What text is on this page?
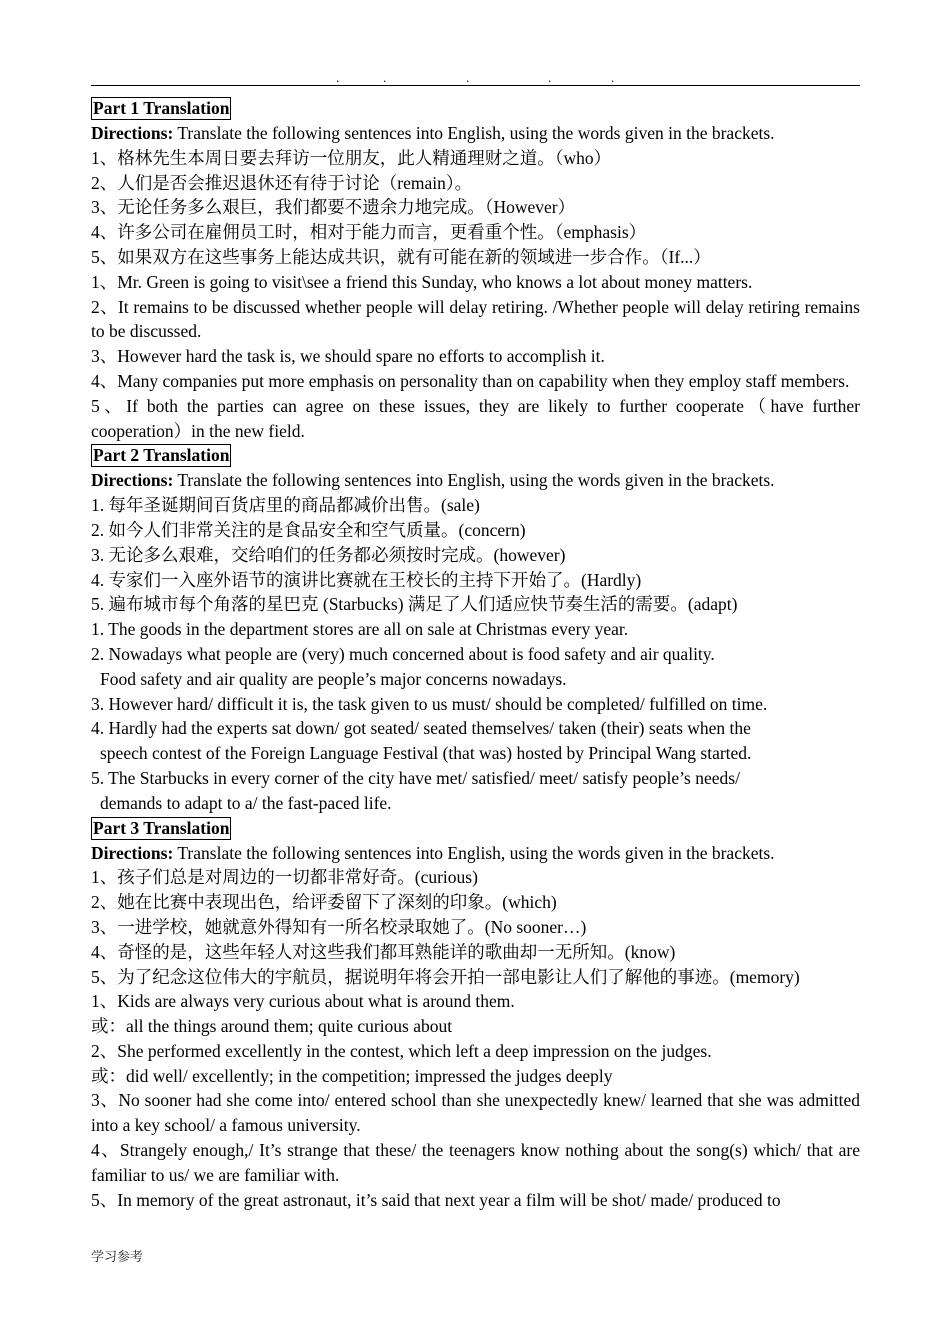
.	.	.	.	.
Part 1 Translation
Directions: Translate the following sentences into English, using the words given in the brackets.
1、格林先生本周日要去拜访一位朋友，此人精通理财之道。（who）
2、人们是否会推迟退休还有待于讨论（remain）。
3、无论任务多么艰巨，我们都要不遗余力地完成。（However）
4、许多公司在雇佣员工时，相对于能力而言，更看重个性。（emphasis）
5、如果双方在这些事务上能达成共识，就有可能在新的领域进一步合作。（If...）
1、Mr. Green is going to visit\see a friend this Sunday, who knows a lot about money matters.
2、It remains to be discussed whether people will delay retiring. /Whether people will delay retiring remains to be discussed.
3、However hard the task is, we should spare no efforts to accomplish it.
4、Many companies put more emphasis on personality than on capability when they employ staff members.
5、If both the parties can agree on these issues, they are likely to further cooperate（have further cooperation）in the new field.
Part 2 Translation
Directions: Translate the following sentences into English, using the words given in the brackets.
1. 每年圣诞期间百货店里的商品都减价出售。(sale)
2. 如今人们非常关注的是食品安全和空气质量。(concern)
3. 无论多么艰难，交给咱们的任务都必须按时完成。(however)
4. 专家们一入座外语节的演讲比赛就在王校长的主持下开始了。(Hardly)
5. 遍布城市每个角落的星巴克 (Starbucks) 满足了人们适应快节奏生活的需要。(adapt)
1. The goods in the department stores are all on sale at Christmas every year.
2. Nowadays what people are (very) much concerned about is food safety and air quality.
Food safety and air quality are people’s major concerns nowadays.
3. However hard/ difficult it is, the task given to us must/ should be completed/ fulfilled on time.
4. Hardly had the experts sat down/ got seated/ seated themselves/ taken (their) seats when the
speech contest of the Foreign Language Festival (that was) hosted by Principal Wang started.
5. The Starbucks in every corner of the city have met/ satisfied/ meet/ satisfy people’s needs/
demands to adapt to a/ the fast-paced life.
Part 3 Translation
Directions: Translate the following sentences into English, using the words given in the brackets.
1、孩子们总是对周边的一切都非常好奇。(curious)
2、她在比赛中表现出色，给评委留下了深刻的印象。(which)
3、一进学校，她就意外得知有一所名校录取她了。(No sooner…)
4、奇怪的是，这些年轻人对这些我们都耳熟能详的歌曲却一无所知。(know)
5、为了纪念这位伟大的宇航员，据说明年将会开拍一部电影让人们了解他的事迹。(memory)
1、Kids are always very curious about what is around them.
或：all the things around them; quite curious about
2、She performed excellently in the contest, which left a deep impression on the judges.
或：did well/ excellently; in the competition; impressed the judges deeply
3、No sooner had she come into/ entered school than she unexpectedly knew/ learned that she was admitted into a key school/ a famous university.
4、Strangely enough,/ It’s strange that these/ the teenagers know nothing about the song(s) which/ that are familiar to us/ we are familiar with.
5、In memory of the great astronaut, it’s said that next year a film will be shot/ made/ produced to
学习参考
